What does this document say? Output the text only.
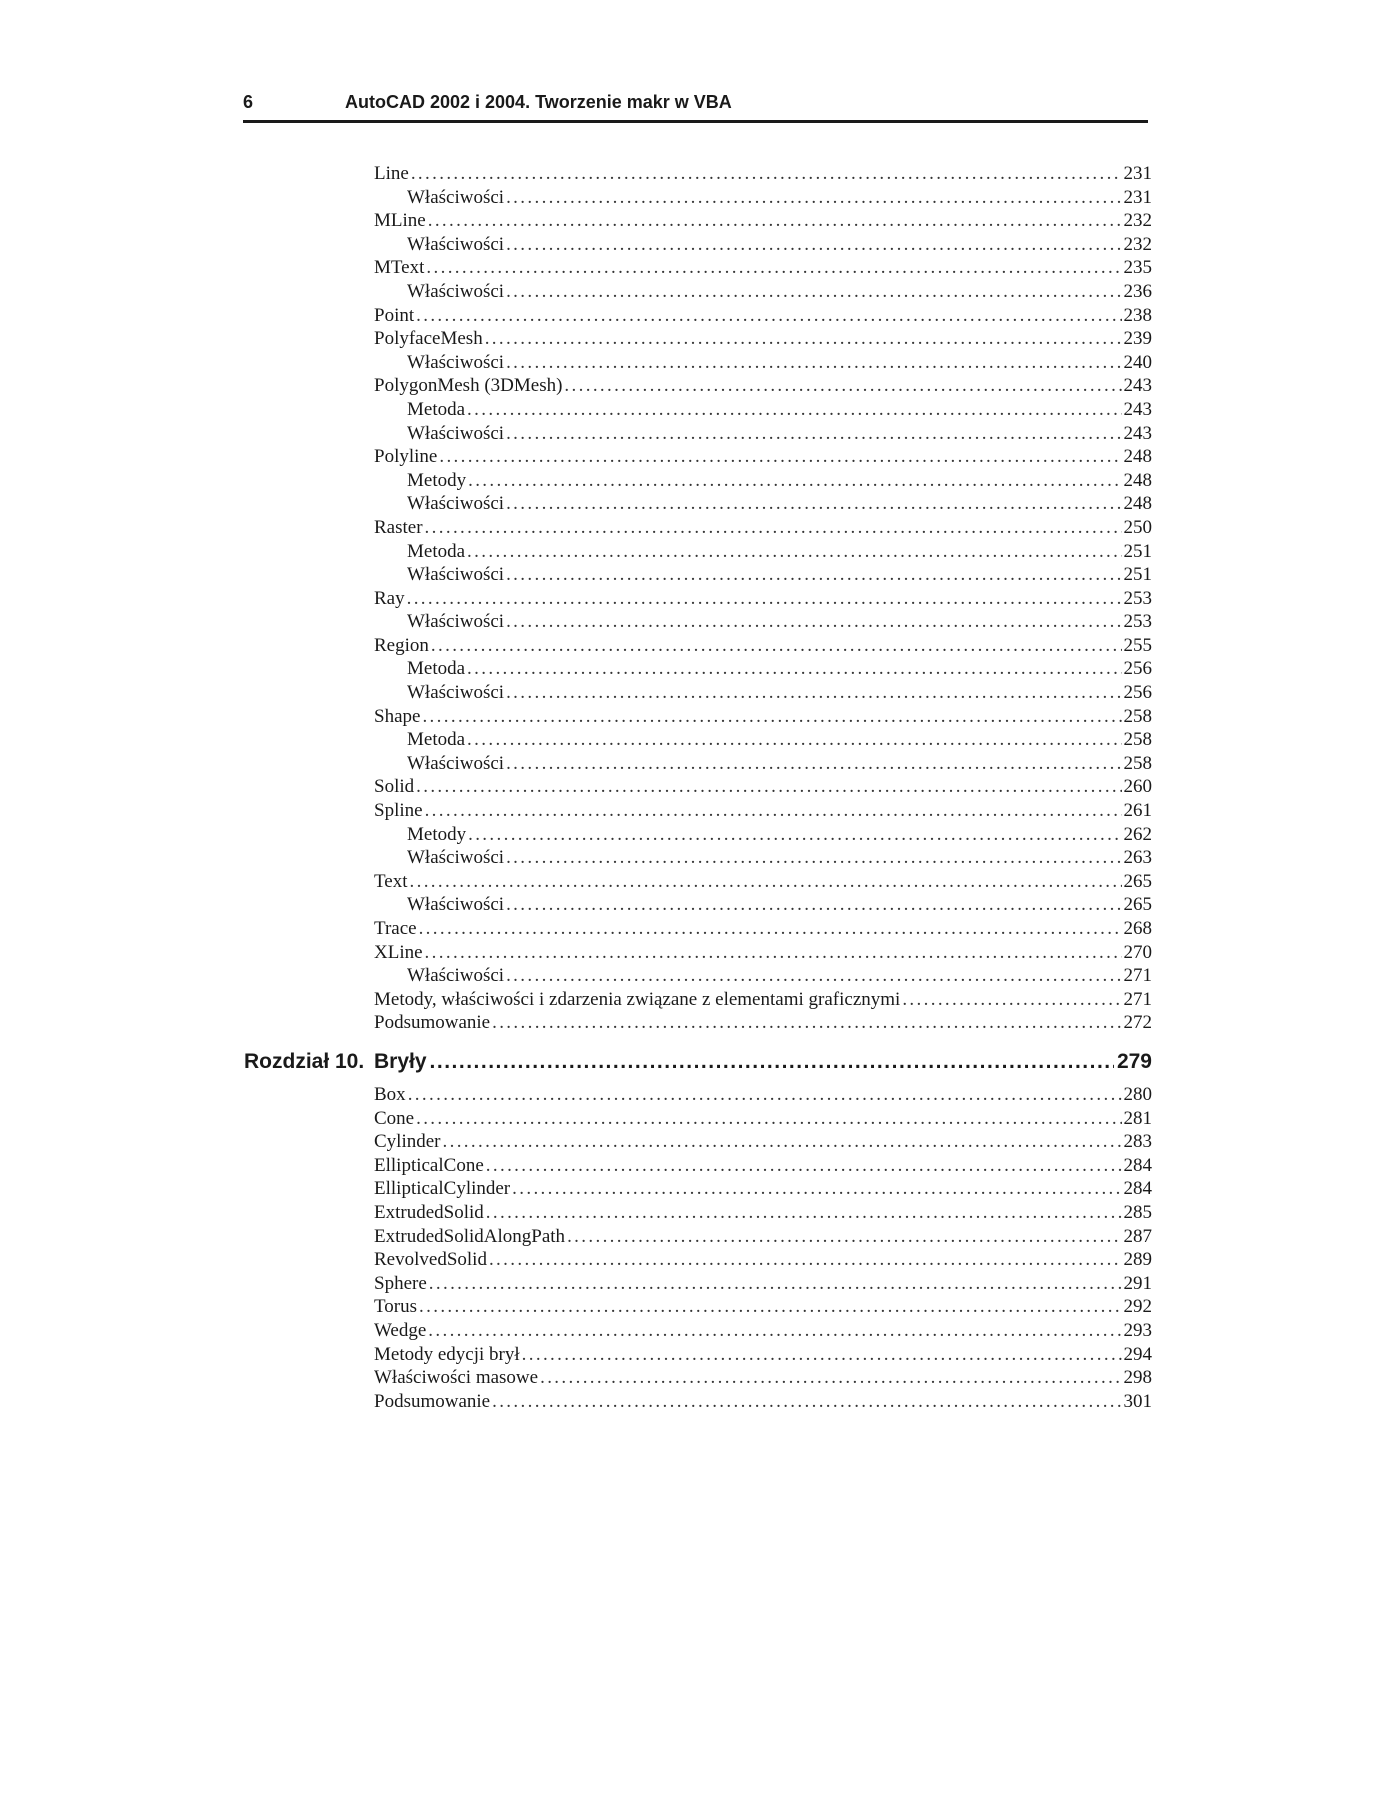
6	AutoCAD 2002 i 2004. Tworzenie makr w VBA
Line . . .	231
Właściwości . . .	231
MLine . . .	232
Właściwości . . .	232
MText . . .	235
Właściwości . . .	236
Point . . .	238
PolyfaceMesh . . .	239
Właściwości . . .	240
PolygonMesh (3DMesh) . . .	243
Metoda . . .	243
Właściwości . . .	243
Polyline . . .	248
Metody . . .	248
Właściwości . . .	248
Raster . . .	250
Metoda . . .	251
Właściwości . . .	251
Ray . . .	253
Właściwości . . .	253
Region . . .	255
Metoda . . .	256
Właściwości . . .	256
Shape . . .	258
Metoda . . .	258
Właściwości . . .	258
Solid . . .	260
Spline . . .	261
Metody . . .	262
Właściwości . . .	263
Text . . .	265
Właściwości . . .	265
Trace . . .	268
XLine . . .	270
Właściwości . . .	271
Metody, właściwości i zdarzenia związane z elementami graficznymi . . .	271
Podsumowanie . . .	272
Rozdział 10. Bryły .....	279
Box . . .	280
Cone . . .	281
Cylinder . . .	283
EllipticalCone . . .	284
EllipticalCylinder . . .	284
ExtrudedSolid . . .	285
ExtrudedSolidAlongPath . . .	287
RevolvedSolid . . .	289
Sphere . . .	291
Torus . . .	292
Wedge . . .	293
Metody edycji brył . . .	294
Właściwości masowe . . .	298
Podsumowanie . . .	301
